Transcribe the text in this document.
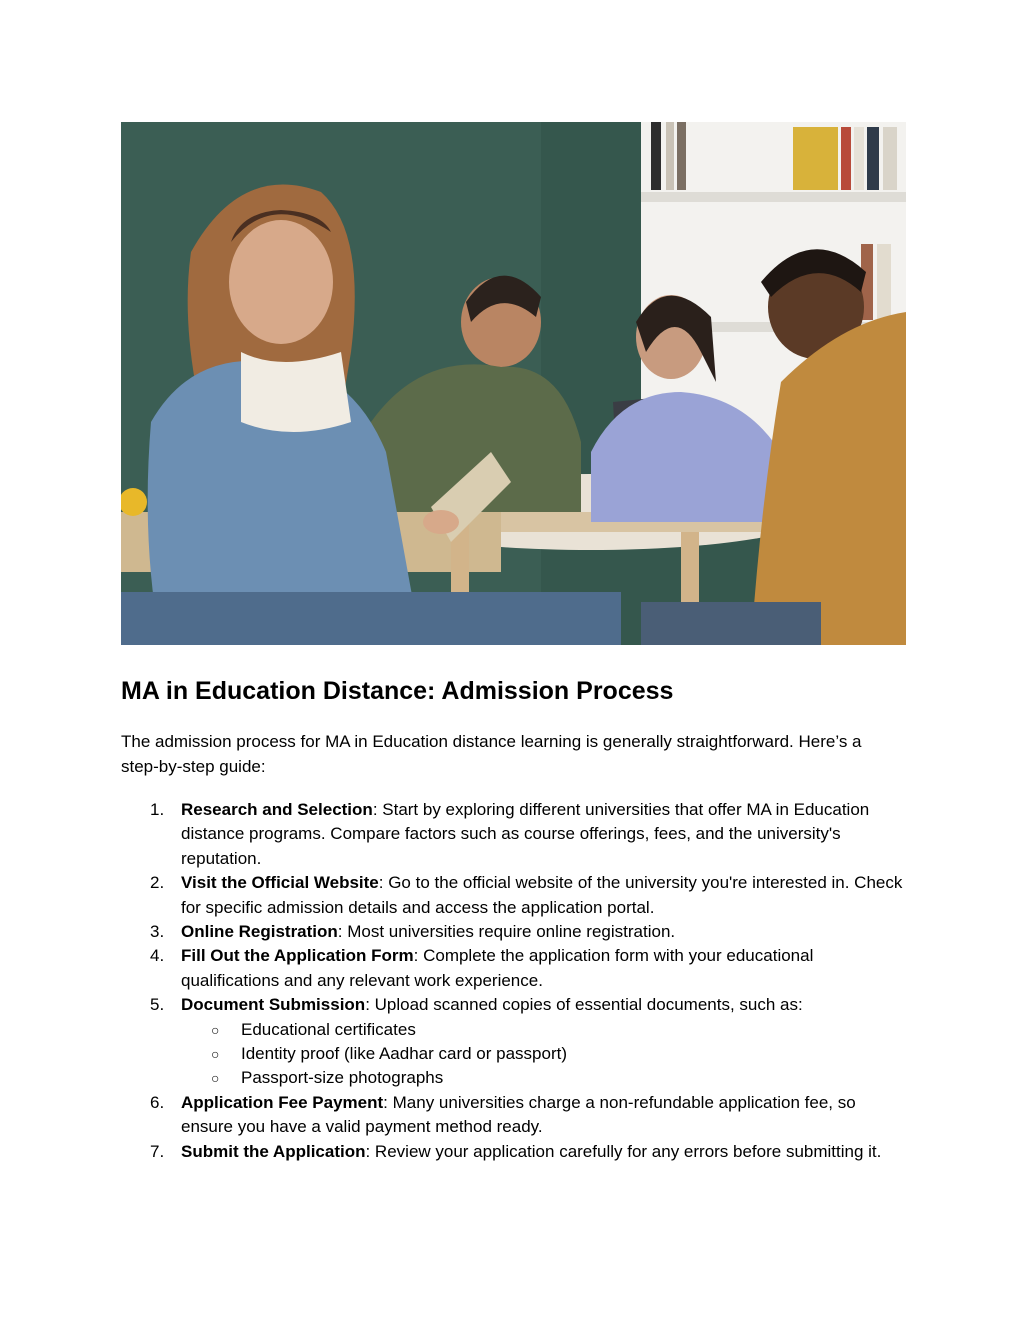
MA in Education Distance: Admission Process

The admission process for MA in Education distance learning is generally straightforward. Here’s a step-by-step guide:

1. Research and Selection: Start by exploring different universities that offer MA in Education distance programs. Compare factors such as course offerings, fees, and the university's reputation.
2. Visit the Official Website: Go to the official website of the university you're interested in. Check for specific admission details and access the application portal.
3. Online Registration: Most universities require online registration.
4. Fill Out the Application Form: Complete the application form with your educational qualifications and any relevant work experience.
5. Document Submission: Upload scanned copies of essential documents, such as:
○ Educational certificates
○ Identity proof (like Aadhar card or passport)
○ Passport-size photographs
6. Application Fee Payment: Many universities charge a non-refundable application fee, so ensure you have a valid payment method ready.
7. Submit the Application: Review your application carefully for any errors before submitting it.
